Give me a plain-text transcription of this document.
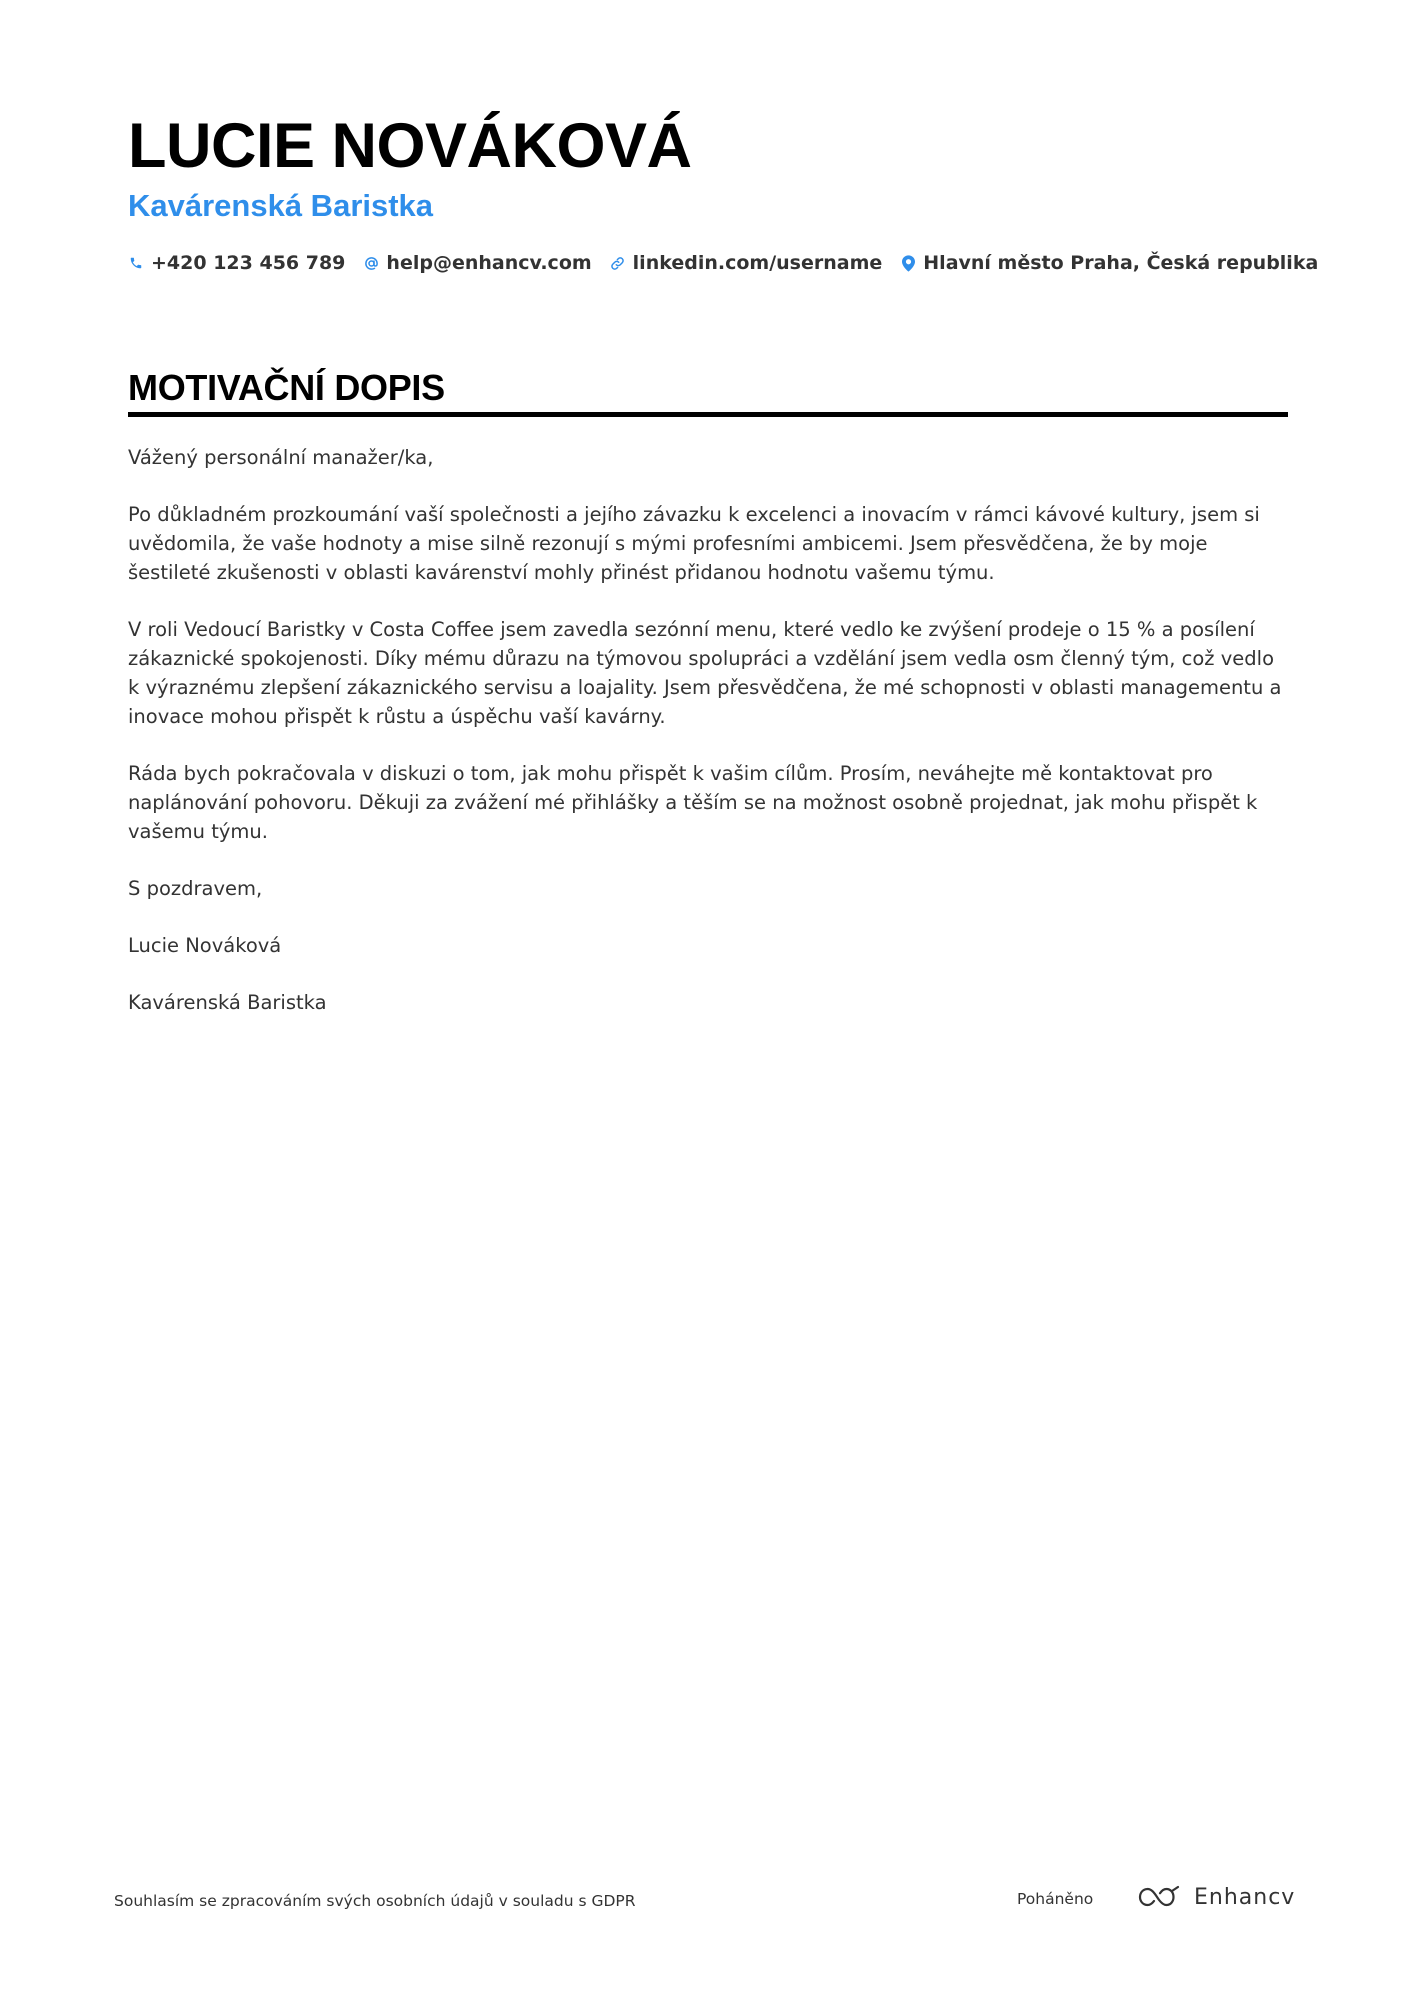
LUCIE NOVÁKOVÁ
Kavárenská Baristka
+420 123 456 789 help@enhancv.com linkedin.com/username Hlavní město Praha, Česká republika
MOTIVAČNÍ DOPIS

Vážený personální manažer/ka,

Po důkladném prozkoumání vaší společnosti a jejího závazku k excelenci a inovacím v rámci kávové kultury, jsem si uvědomila, že vaše hodnoty a mise silně rezonují s mými profesními ambicemi. Jsem přesvědčena, že by moje šestileté zkušenosti v oblasti kavárenství mohly přinést přidanou hodnotu vašemu týmu.

V roli Vedoucí Baristky v Costa Coffee jsem zavedla sezónní menu, které vedlo ke zvýšení prodeje o 15 % a posílení zákaznické spokojenosti. Díky mému důrazu na týmovou spolupráci a vzdělání jsem vedla osm členný tým, což vedlo k výraznému zlepšení zákaznického servisu a loajality. Jsem přesvědčena, že mé schopnosti v oblasti managementu a inovace mohou přispět k růstu a úspěchu vaší kavárny.

Ráda bych pokračovala v diskuzi o tom, jak mohu přispět k vašim cílům. Prosím, neváhejte mě kontaktovat pro naplánování pohovoru. Děkuji za zvážení mé přihlášky a těším se na možnost osobně projednat, jak mohu přispět k vašemu týmu.

S pozdravem,

Lucie Nováková

Kavárenská Baristka

Souhlasím se zpracováním svých osobních údajů v souladu s GDPR	Poháněno	Enhancv
